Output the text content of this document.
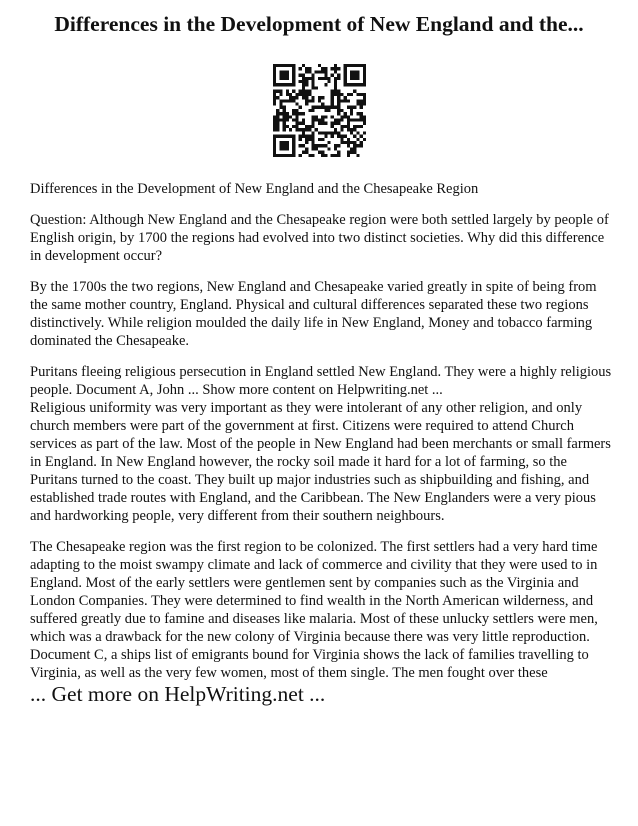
Differences in the Development of New England and the...

Differences in the Development of New England and the Chesapeake Region

Question: Although New England and the Chesapeake region were both settled largely by people of English origin, by 1700 the regions had evolved into two distinct societies. Why did this difference in development occur?

By the 1700s the two regions, New England and Chesapeake varied greatly in spite of being from the same mother country, England. Physical and cultural differences separated these two regions distinctively. While religion moulded the daily life in New England, Money and tobacco farming dominated the Chesapeake.

Puritans fleeing religious persecution in England settled New England. They were a highly religious people. Document A, John ... Show more content on Helpwriting.net ...

Religious uniformity was very important as they were intolerant of any other religion, and only church members were part of the government at first. Citizens were required to attend Church services as part of the law. Most of the people in New England had been merchants or small farmers in England. In New England however, the rocky soil made it hard for a lot of farming, so the Puritans turned to the coast. They built up major industries such as shipbuilding and fishing, and established trade routes with England, and the Caribbean. The New Englanders were a very pious and hardworking people, very different from their southern neighbours.

The Chesapeake region was the first region to be colonized. The first settlers had a very hard time adapting to the moist swampy climate and lack of commerce and civility that they were used to in England. Most of the early settlers were gentlemen sent by companies such as the Virginia and London Companies. They were determined to find wealth in the North American wilderness, and suffered greatly due to famine and diseases like malaria. Most of these unlucky settlers were men, which was a drawback for the new colony of Virginia because there was very little reproduction. Document C, a ships list of emigrants bound for Virginia shows the lack of families travelling to Virginia, as well as the very few women, most of them single. The men fought over these

... Get more on HelpWriting.net ...
